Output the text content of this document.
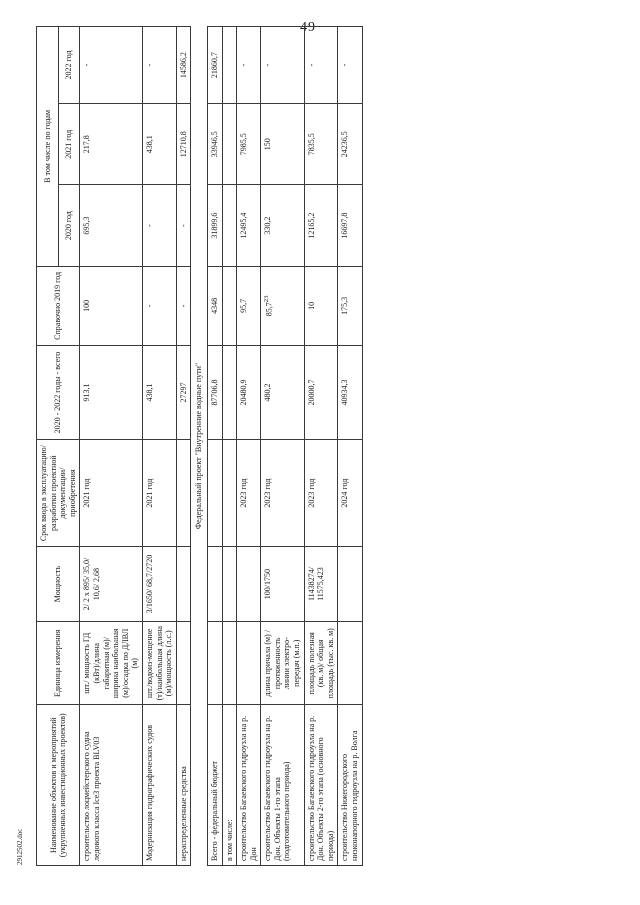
49
Наименование объектов и мероприятий (укрупненных инвестиционных проектов)	Единица измерения	Мощность	Срок ввода в эксплуатацию/ разработки проектной документации/ приобретения	2020 - 2022 годы - всего	Справочно 2019 год	В том числе по годам		
						2020 год	2021 год	2022 год
строительство лоцмейстерского судна ледового класса Ice3 проекта BLV03	шт./ мощность ГД (кВт)/длина габаритная (м)/ширина наибольшая (м)/осадка по ДЛВЛ (м)	2/ 2 x 895/ 35,0/ 10,6/ 2,68	2021 год	913,1	100	695,3	217,8	-
Модернизация гидрографических судов	шт./водоиз-мещение (т)/наибольшая длина (м)/мощность (л.с.)	3/1650/ 68,7/2720	2021 год	438,1	-	-	438,1	-
нераспределенные средства				27297	-	-	12710,8	14586,2
Федеральный проект "Внутренние водные пути"								
Всего - федеральный бюджет				87706,8	4348	31899,6	33946,5	21860,7
в том числе:								
строительство Багаевского гидроузла на р. Дон			2023 год	20480,9	95,7	12495,4	7985,5	-
строительство Багаевского гидроузла на р. Дон. Объекты 1-го этапа (подготовительного периода)	длина причала (м) / протяженность линии электро-передач (м.п.)	100/1750	2023 год	480,2	85,7$^{23}$	330,2	150	-
строительство Багаевского гидроузла на р. Дон. Объекты 2-го этапа (основного периода)	площадь полезная (кв. м)/ общая площадь (тыс. кв. м)	11438274/ 11575,423	2023 год	20000,7	10	12165,2	7835,5	-
строительство Нижегородского низконапорного гидроузла на р. Волга			2024 год	40934,3	175,3	16697,8	24236,5	-
2912502.doc
